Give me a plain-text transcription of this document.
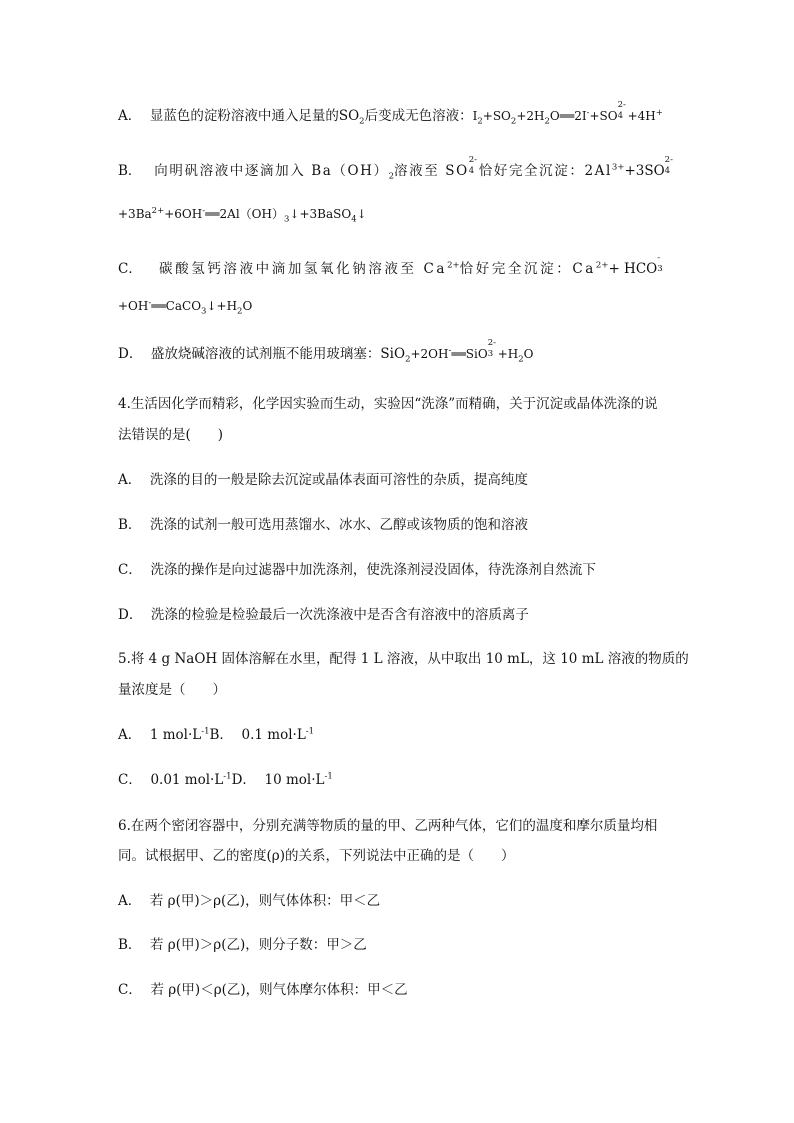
A． 显蓝色的淀粉溶液中通入足量的$SO_2$后变成无色溶液：$I_2+SO_2+2H_2O══2I^-+SO$
2-
4 +4H+
B． 向明矾溶液中逐滴加入 $Ba(OH)_2$溶液至 SO
2-
4 恰好完全沉淀：$2Al^{3+}+3SO$
2-
4
$+3Ba^{2+}+6OH^-══2Al(OH)_3↓+3BaSO_4↓$
C． 碳酸氢钙溶液中滴加氢氧化钠溶液至 $Ca^{2+}$恰好完全沉淀：$Ca^{2+}+$ HCO
-
3
$+OH^-══CaCO_3↓+H_2O$
D． 盛放烧碱溶液的试剂瓶不能用玻璃塞：SiO$_2$+2OH-══SiO
2-
$3 +H_2O$
4.生活因化学而精彩，化学因实验而生动，实验因“洗涤”而精确，关于沉淀或晶体洗涤的说
法错误的是(　　)
A． 洗涤的目的一般是除去沉淀或晶体表面可溶性的杂质，提高纯度
B． 洗涤的试剂一般可选用蒸馏水、冰水、乙醇或该物质的饱和溶液
C． 洗涤的操作是向过滤器中加洗涤剂，使洗涤剂浸没固体，待洗涤剂自然流下
D． 洗涤的检验是检验最后一次洗涤液中是否含有溶液中的溶质离子
5.将 4 g NaOH 固体溶解在水里，配得 1 L 溶液，从中取出 10 mL，这 10 mL 溶液的物质的
量浓度是（　　）
A． 1 $mol\cdot L^{-1}B$． 0.1 $mol\cdot L^{-1}$
C． 0.01 $mol\cdot L^{-1}D$． 10 $mol\cdot L^{-1}$
6.在两个密闭容器中，分别充满等物质的量的甲、乙两种气体，它们的温度和摩尔质量均相
同。试根据甲、乙的密度(ρ)的关系，下列说法中正确的是（　　）
A． 若 ρ(甲)＞ρ(乙)，则气体体积：甲＜乙
B． 若 ρ(甲)＞ρ(乙)，则分子数：甲＞乙
C． 若 ρ(甲)＜ρ(乙)，则气体摩尔体积：甲＜乙
